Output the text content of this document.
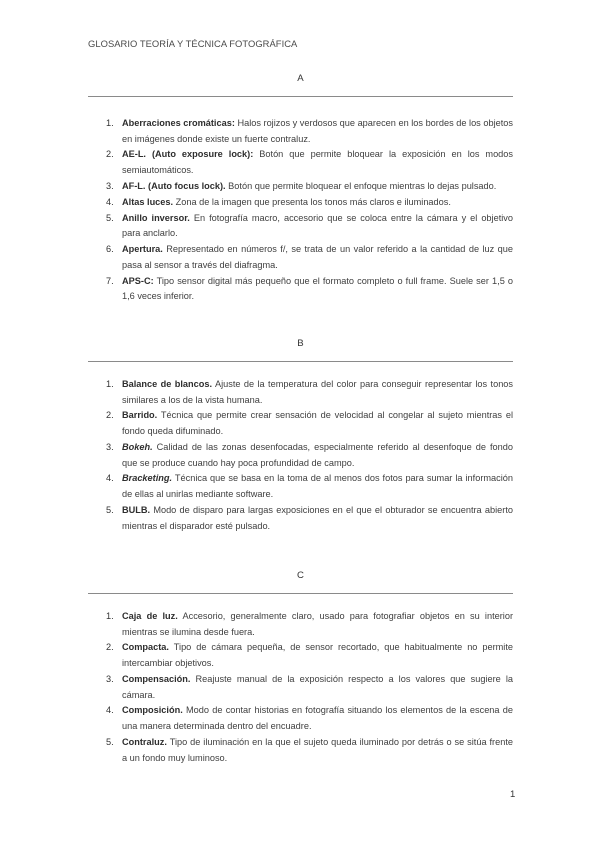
GLOSARIO TEORÍA Y TÉCNICA FOTOGRÁFICA
A
1. Aberraciones cromáticas: Halos rojizos y verdosos que aparecen en los bordes de los objetos en imágenes donde existe un fuerte contraluz.
2. AE-L. (Auto exposure lock): Botón que permite bloquear la exposición en los modos semiautomáticos.
3. AF-L. (Auto focus lock). Botón que permite bloquear el enfoque mientras lo dejas pulsado.
4. Altas luces. Zona de la imagen que presenta los tonos más claros e iluminados.
5. Anillo inversor. En fotografía macro, accesorio que se coloca entre la cámara y el objetivo para anclarlo.
6. Apertura. Representado en números f/, se trata de un valor referido a la cantidad de luz que pasa al sensor a través del diafragma.
7. APS-C: Tipo sensor digital más pequeño que el formato completo o full frame. Suele ser 1,5 o 1,6 veces inferior.
B
1. Balance de blancos. Ajuste de la temperatura del color para conseguir representar los tonos similares a los de la vista humana.
2. Barrido. Técnica que permite crear sensación de velocidad al congelar al sujeto mientras el fondo queda difuminado.
3. Bokeh. Calidad de las zonas desenfocadas, especialmente referido al desenfoque de fondo que se produce cuando hay poca profundidad de campo.
4. Bracketing. Técnica que se basa en la toma de al menos dos fotos para sumar la información de ellas al unirlas mediante software.
5. BULB. Modo de disparo para largas exposiciones en el que el obturador se encuentra abierto mientras el disparador esté pulsado.
C
1. Caja de luz. Accesorio, generalmente claro, usado para fotografiar objetos en su interior mientras se ilumina desde fuera.
2. Compacta. Tipo de cámara pequeña, de sensor recortado, que habitualmente no permite intercambiar objetivos.
3. Compensación. Reajuste manual de la exposición respecto a los valores que sugiere la cámara.
4. Composición. Modo de contar historias en fotografía situando los elementos de la escena de una manera determinada dentro del encuadre.
5. Contraluz. Tipo de iluminación en la que el sujeto queda iluminado por detrás o se sitúa frente a un fondo muy luminoso.
1
